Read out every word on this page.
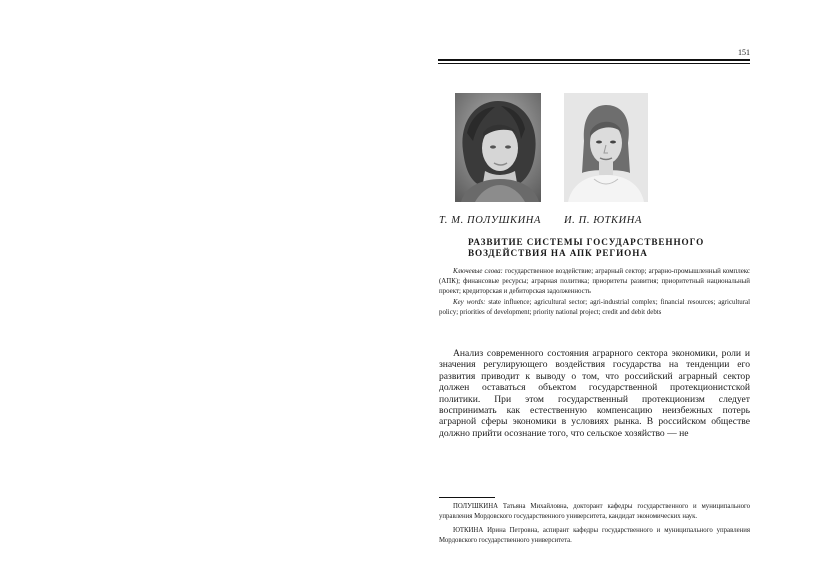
151
Т. М. ПОЛУШКИНА И. П. ЮТКИНА
РАЗВИТИЕ СИСТЕМЫ ГОСУДАРСТВЕННОГО
ВОЗДЕЙСТВИЯ НА АПК РЕГИОНА
Ключевые слова: государственное воздействие; аграрный сектор; аграрно-промышленный комплекс (АПК); финансовые ресурсы; аграрная политика; приоритеты развития; приоритетный национальный проект; кредиторская и дебиторская задолженность
Key words: state influence; agricultural sector; agri-industrial complex; financial resources; agricultural policy; priorities of development; priority national project; credit and debit debts
Анализ современного состояния аграрного сектора экономики, роли и значения регулирующего воздействия государства на тенденции его развития приводит к выводу о том, что российский аграрный сектор должен оставаться объектом государственной протекционистской политики. При этом государственный протекционизм следует воспринимать как естественную компенсацию неизбежных потерь аграрной сферы экономики в условиях рынка. В российском обществе должно прийти осознание того, что сельское хозяйство — не

ПОЛУШКИНА Татьяна Михайловна, докторант кафедры государственного и муниципального управления Мордовского государственного университета, кандидат экономических наук.

ЮТКИНА Ирина Петровна, аспирант кафедры государственного и муниципального управления Мордовского государственного университета.
